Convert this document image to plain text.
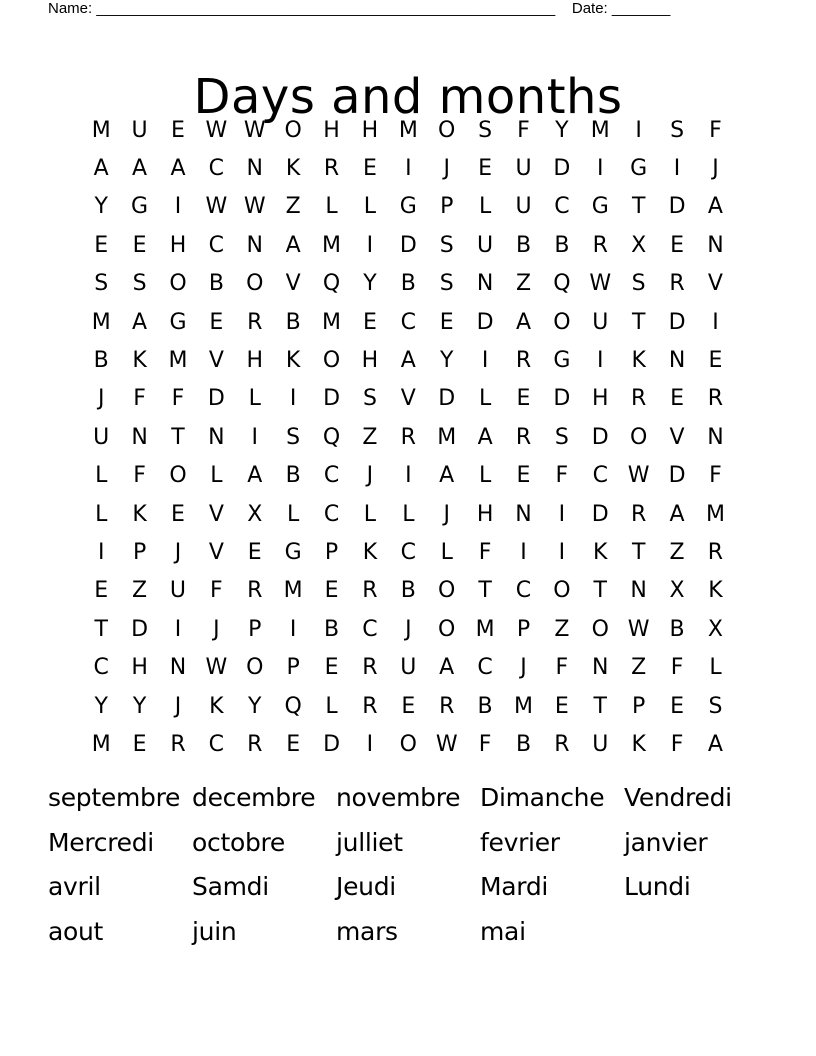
Name: _______________________________________________________ Date: _______
Days and months
M U	E W W O H H M O	S	F	Y	M	I	S	F
A	A	A	C	N	K	R	E	I	J	E	U D	I	G	I	J
Y	G	I	W W Z	L	L	G	P	L	U	C	G	T	D	A
E	E	H	C	N	A M	I	D	S	U	B	B	R	X	E	N
S	S	O	B	O	V	Q	Y	B	S	N	Z	Q W S	R	V
M A	G	E	R	B M E	C	E	D	A	O U	T	D	I
B	K M V	H	K	O H	A	Y	I	R	G	I	K	N	E
J	F	F	D	L	I	D	S	V	D	L	E	D H	R	E	R
U	N	T	N	I	S	Q	Z	R M A	R	S	D O	V	N
L	F	O	L	A	B	C	J	I	A	L	E	F	C W D	F
L	K	E	V	X	L	C	L	L	J	H N	I	D	R	A M
I	P	J	V	E	G	P	K	C	L	F	I	I	K	T	Z	R
E	Z	U	F	R M E	R	B	O	T	C	O	T	N	X	K
T	D	I	J	P	I	B	C	J	O M	P	Z	O W B	X
C	H N W O	P	E	R	U	A	C	J	F	N	Z	F	L
Y	Y	J	K	Y	Q	L	R	E	R	B M E	T	P	E	S
M E	R	C	R	E	D	I	O W F	B	R	U	K	F	A
septembre decembre novembre Dimanche Vendredi
Mercredi	octobre	julliet	fevrier	janvier
avril	Samdi	Jeudi	Mardi	Lundi
aout	juin	mars	mai
